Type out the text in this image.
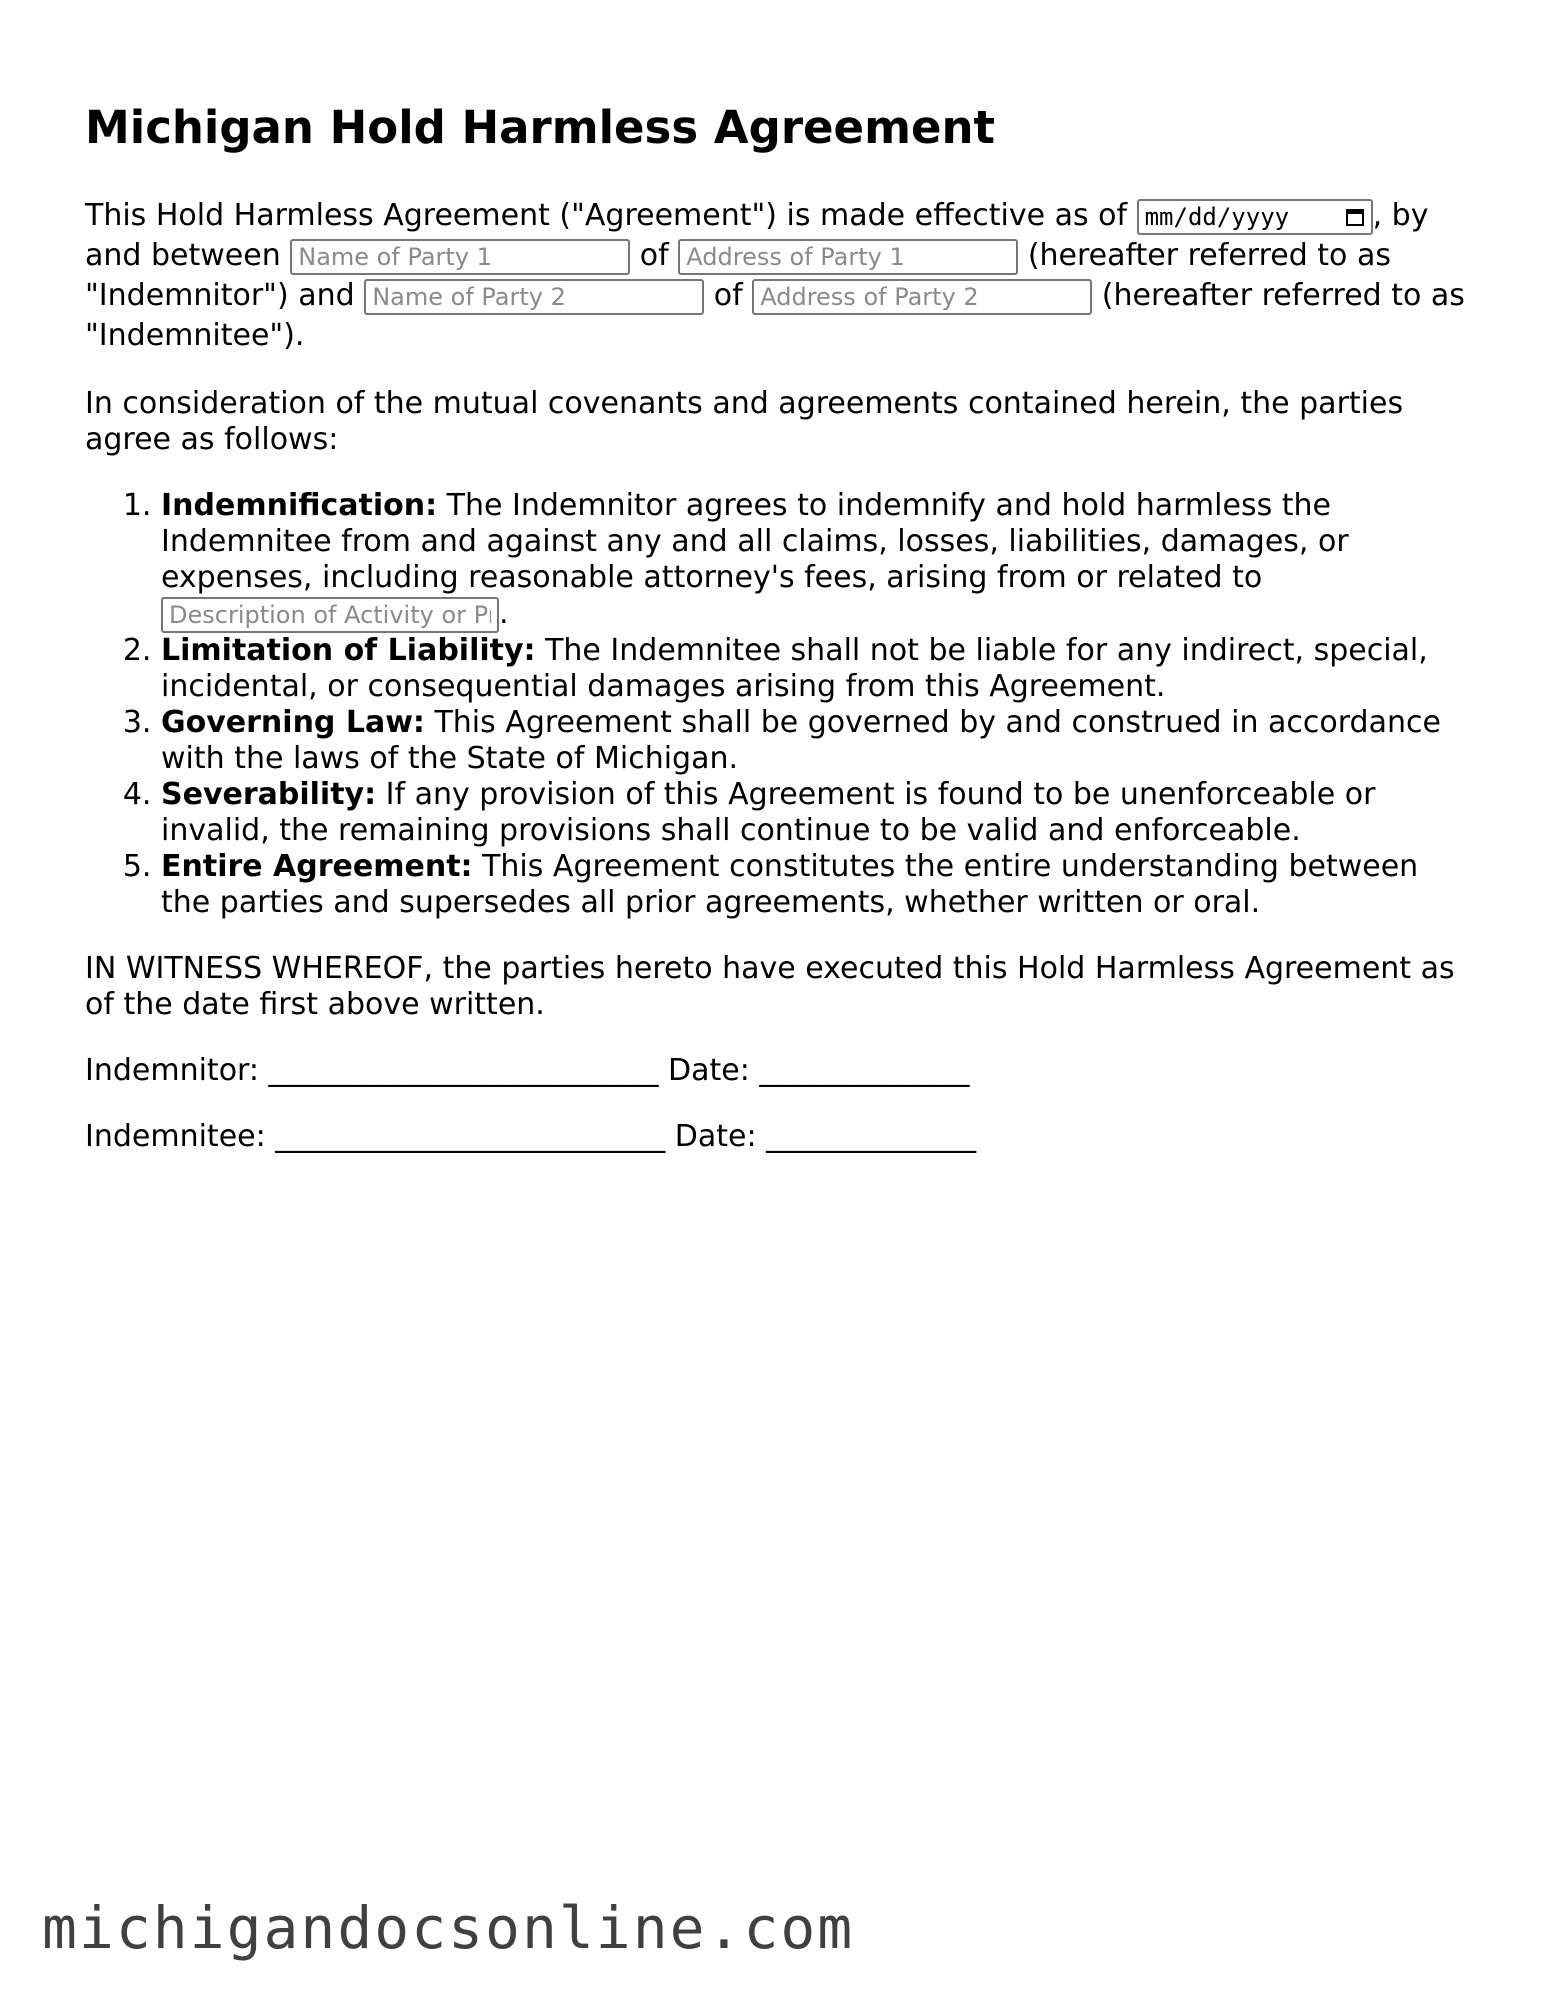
Michigan Hold Harmless Agreement

This Hold Harmless Agreement ("Agreement") is made effective as of mm/dd/yyyy	, by and between Name of Party 1	of Address of Party 1	(hereafter referred to as "Indemnitor") and Name of Party 2	of Address of Party 2	(hereafter referred to as "Indemnitee").

In consideration of the mutual covenants and agreements contained herein, the parties agree as follows:

1. Indemnification: The Indemnitor agrees to indemnify and hold harmless the Indemnitee from and against any and all claims, losses, liabilities, damages, or expenses, including reasonable attorney's fees, arising from or related to Description of Activity or Property.
2. Limitation of Liability: The Indemnitee shall not be liable for any indirect, special, incidental, or consequential damages arising from this Agreement.
3. Governing Law: This Agreement shall be governed by and construed in accordance with the laws of the State of Michigan.
4. Severability: If any provision of this Agreement is found to be unenforceable or invalid, the remaining provisions shall continue to be valid and enforceable.
5. Entire Agreement: This Agreement constitutes the entire understanding between the parties and supersedes all prior agreements, whether written or oral.

IN WITNESS WHEREOF, the parties hereto have executed this Hold Harmless Agreement as of the date first above written.

Indemnitor: __________________________ Date: ______________

Indemnitee: __________________________ Date: ______________

michigandocsonline.com
